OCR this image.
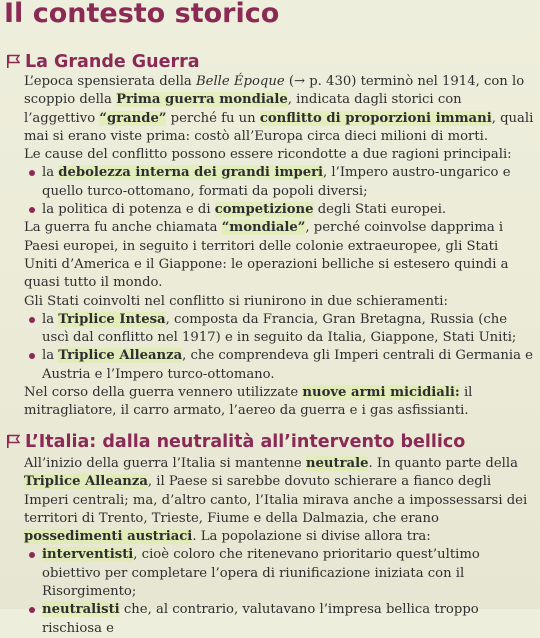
Il contesto storico
La Grande Guerra

L’epoca spensierata della Belle Époque (→ p. 430) terminò nel 1914, con lo scoppio della Prima guerra mondiale, indicata dagli storici con l’aggettivo “grande” perché fu un conflitto di proporzioni immani, quali mai si erano viste prima: costò all’Europa circa dieci milioni di morti.

Le cause del conflitto possono essere ricondotte a due ragioni principali:

la debolezza interna dei grandi imperi, l’Impero austro-ungarico e quello turco-ottomano, formati da popoli diversi;
la politica di potenza e di competizione degli Stati europei.

La guerra fu anche chiamata “mondiale”, perché coinvolse dapprima i Paesi europei, in seguito i territori delle colonie extraeuropee, gli Stati Uniti d’America e il Giappone: le operazioni belliche si estesero quindi a quasi tutto il mondo.

Gli Stati coinvolti nel conflitto si riunirono in due schieramenti:

la Triplice Intesa, composta da Francia, Gran Bretagna, Russia (che uscì dal conflitto nel 1917) e in seguito da Italia, Giappone, Stati Uniti;
la Triplice Alleanza, che comprendeva gli Imperi centrali di Germania e Austria e l’Impero turco-ottomano.

Nel corso della guerra vennero utilizzate nuove armi micidiali: il mitragliatore, il carro armato, l’aereo da guerra e i gas asfissianti.

L’Italia: dalla neutralità all’intervento bellico

All’inizio della guerra l’Italia si mantenne neutrale. In quanto parte della Triplice Alleanza, il Paese si sarebbe dovuto schierare a fianco degli Imperi centrali; ma, d’altro canto, l’Italia mirava anche a impossessarsi dei territori di Trento, Trieste, Fiume e della Dalmazia, che erano possedimenti austriaci. La popolazione si divise allora tra:

interventisti, cioè coloro che ritenevano prioritario quest’ultimo obiettivo per completare l’opera di riunificazione iniziata con il Risorgimento;
neutralisti che, al contrario, valutavano l’impresa bellica troppo rischiosa e
